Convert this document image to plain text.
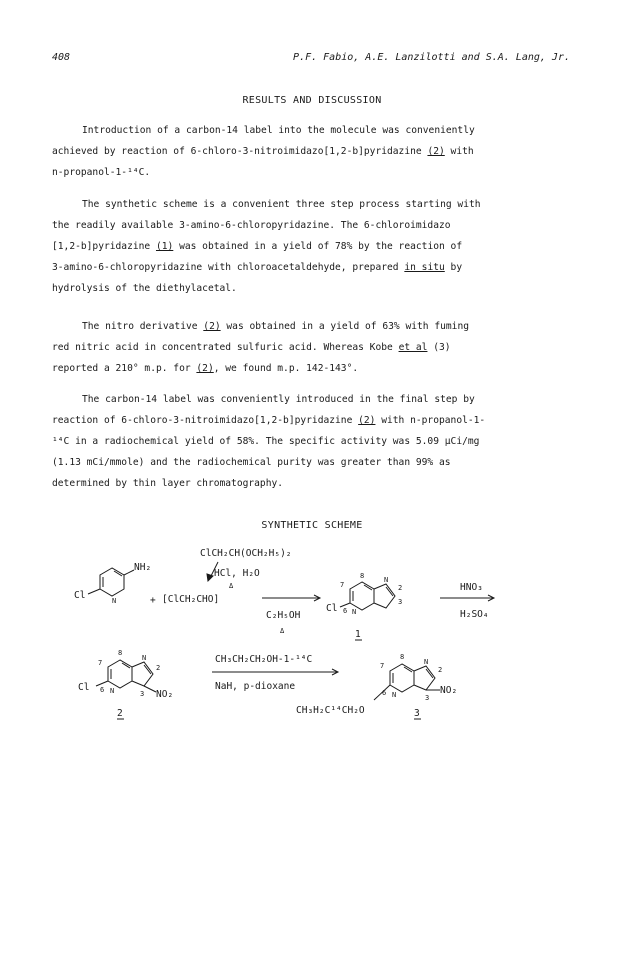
408	P.F. Fabio, A.E. Lanzilotti and S.A. Lang, Jr.
RESULTS AND DISCUSSION
Introduction of a carbon-14 label into the molecule was conveniently
achieved by reaction of 6-chloro-3-nitroimidazo[1,2-b]pyridazine (2) with
n-propanol-1-¹⁴C.
The synthetic scheme is a convenient three step process starting with
the readily available 3-amino-6-chloropyridazine. The 6-chloroimidazo
[1,2-b]pyridazine (1) was obtained in a yield of 78% by the reaction of
3-amino-6-chloropyridazine with chloroacetaldehyde, prepared in situ by
hydrolysis of the diethylacetal.
The nitro derivative (2) was obtained in a yield of 63% with fuming
red nitric acid in concentrated sulfuric acid. Whereas Kobe et al (3)
reported a 210° m.p. for (2), we found m.p. 142-143°.
The carbon-14 label was conveniently introduced in the final step by
reaction of 6-chloro-3-nitroimidazo[1,2-b]pyridazine (2) with n-propanol-1-
¹⁴C in a radiochemical yield of 58%. The specific activity was 5.09 µCi/mg
(1.13 mCi/mmole) and the radiochemical purity was greater than 99% as
determined by thin layer chromatography.
SYNTHETIC SCHEME
NH₂
Cl	N	+
ClCH₂CH(OCH₂H₅)₂
HCl, H₂O
Δ
[ClCH₂CHO]
C₂H₅OH
Δ
Cl
8
7
6
2
3
N
N
1
HNO₃
H₂SO₄
Cl
NO₂
8
7
6
2
3
N
N
2
CH₃CH₂CH₂OH-1-¹⁴C
NaH, p-dioxane	NO₂
8
7
6
2
3
N
N
CH₃H₂C¹⁴CH₂O	3
